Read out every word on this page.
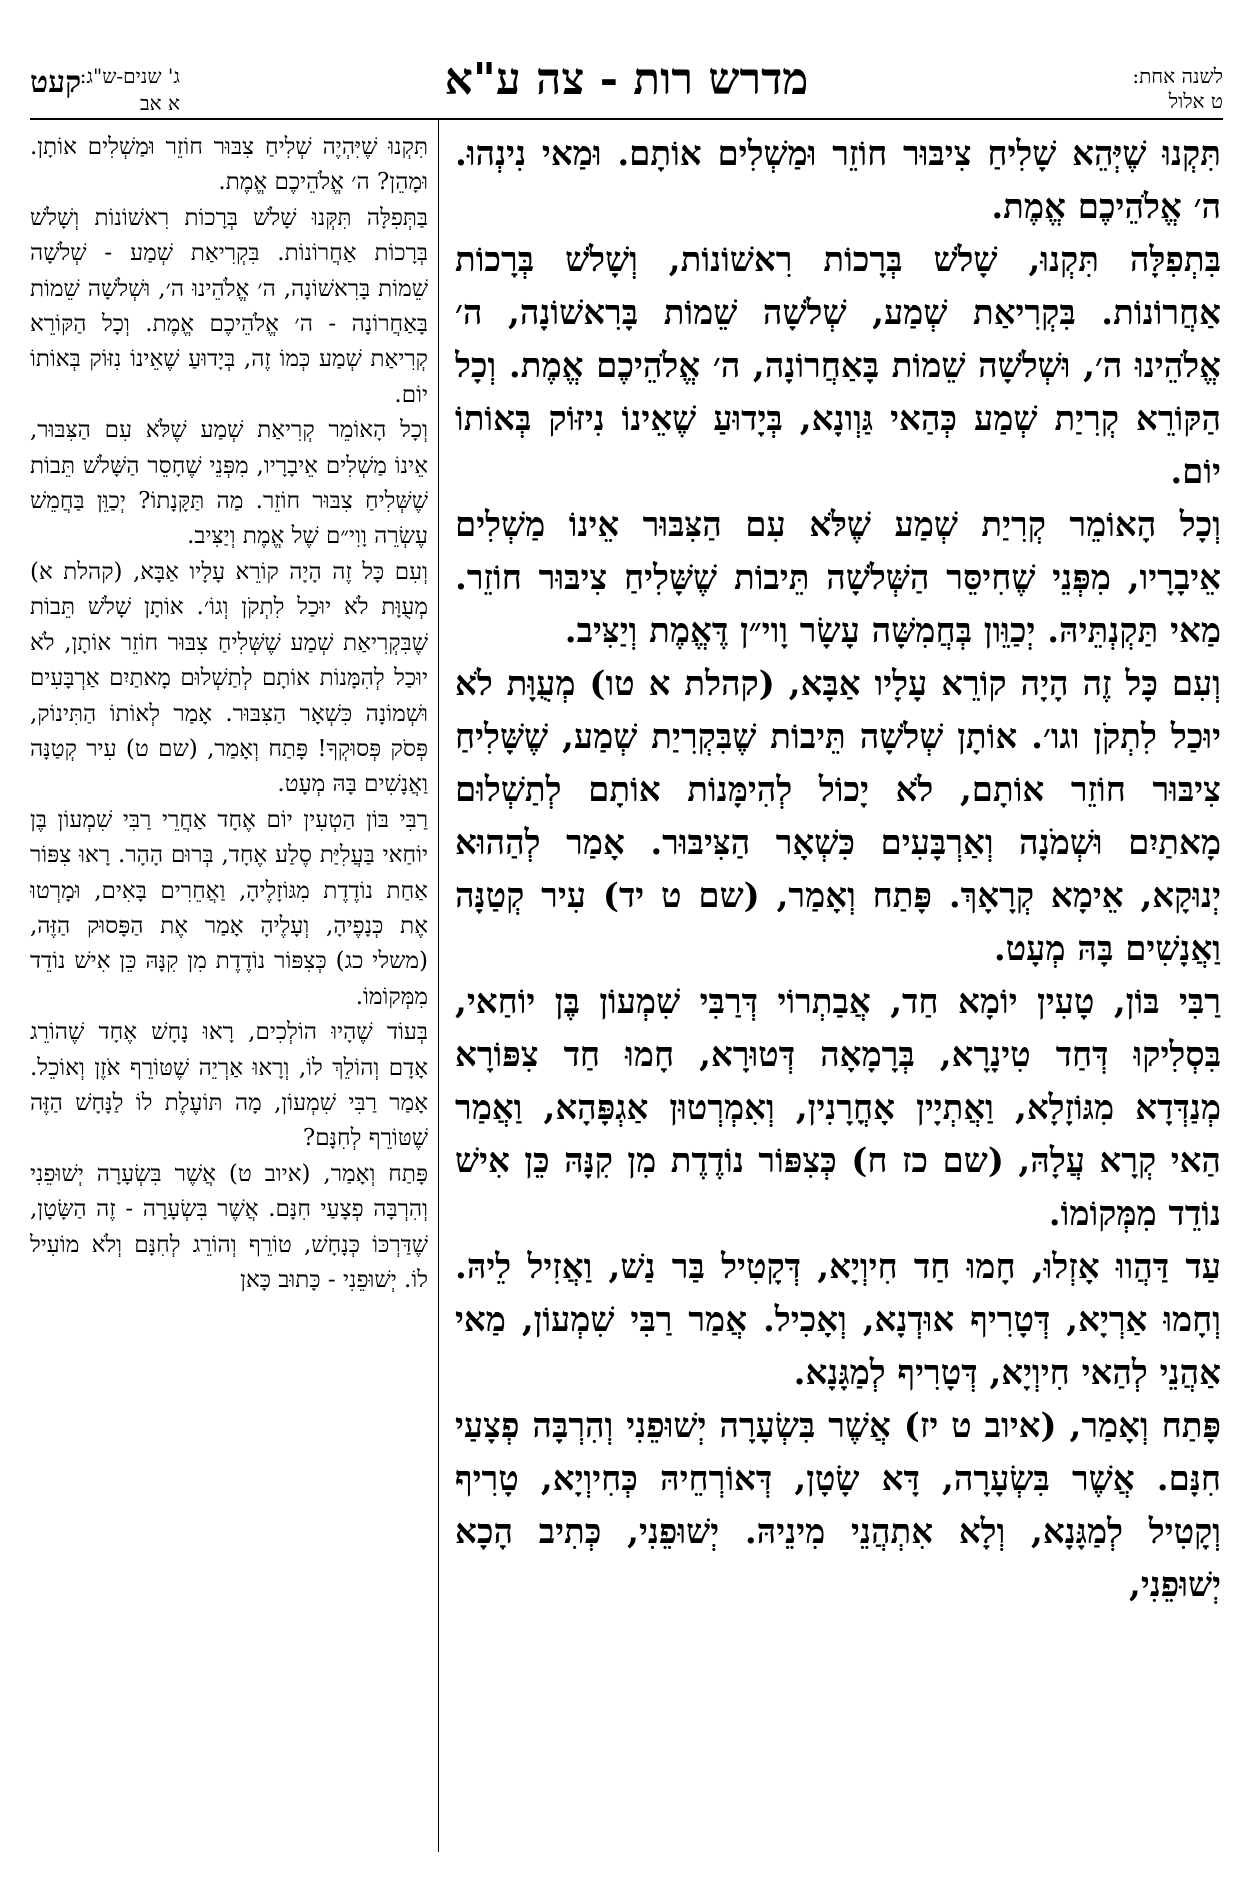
לשנה אחת:
ט אלול
מדרש רות - צה ע"א
ג' שנים-ש"ג:
א אב
קעט

תִּקְנוּ שֶׁיְּהֵא שָׁלִיחַ צִיבּוּר חוֹזֵר וּמַשְׁלִים אוֹתָם. וּמַאי נִינְהוּ. ה׳ אֱלֹהֵיכֶם אֱמֶת.

בִּתְפִלָּה תִּקְנוּ, שָׁלֹשׁ בְּרָכוֹת רִאשׁוֹנוֹת, וְשָׁלֹשׁ בְּרָכוֹת אַחֲרוֹנוֹת. בִּקְרִיאַת שְׁמַע, שְׁלֹשָׁה שֵׁמוֹת בָּרִאשׁוֹנָה, ה׳ אֱלֹהֵינוּ ה׳, וּשְׁלֹשָׁה שֵׁמוֹת בָּאַחֲרוֹנָה, ה׳ אֱלֹהֵיכֶם אֱמֶת. וְכָל הַקּוֹרֵא קְרִיַת שְׁמַע כְּהַאי גַּוְונָא, בְּיָדוּעַ שֶׁאֵינוֹ נִיזּוֹק בְּאוֹתוֹ יוֹם.

וְכָל הָאוֹמֵר קְרִיַת שְׁמַע שֶׁלֹּא עִם הַצִּבּוּר אֵינוֹ מַשְׁלִים אֵיבָרָיו, מִפְּנֵי שֶׁחִיסֵּר הַשְּׁלֹשָׁה תֵּיבוֹת שֶׁשָּׁלִיחַ צִיבּוּר חוֹזֵר. מַאי תַּקְנְתֵּיהּ. יְכַוֵּון בְּחֲמִשָּׁה עָשָׂר וָוי״ן דֶּאֱמֶת וְיַצִּיב.

וְעִם כָּל זֶה הָיָה קוֹרֵא עָלָיו אַבָּא, (קהלת א טו) מְעֻוָּת לֹא יוּכַל לִתְקֹן וגו׳. אוֹתָן שְׁלֹשָׁה תֵּיבוֹת שֶׁבִּקְרִיַת שְׁמַע, שֶׁשָּׁלִיחַ צִיבּוּר חוֹזֵר אוֹתָם, לֹא יָכוֹל לְהִימָּנוֹת אוֹתָם לְתַשְׁלוּם מָאתַיִם וּשְׁמֹנָה וְאַרְבָּעִים כִּשְׁאָר הַצִּיבּוּר. אָמַר לְהַהוּא יְנוּקָא, אֵימָא קְרָאָךְ. פָּתַח וְאָמַר, (שם ט יד) עִיר קְטַנָּה וַאֲנָשִׁים בָּהּ מְעָט.

רַבִּי בּוֹן, טָעִין יוֹמָא חַד, אֲבַתְרוֹי דְּרַבִּי שִׁמְעוֹן בֶּן יוֹחַאי, בִּסְלִיקוּ דְּחַד טִינָרָא, בְּרָמָאָה דְּטוּרָא, חָמוּ חַד צִפּוֹרָא מְנַדְּדָא מִגּוֹזָלָא, וַאֲתְיָין אָחֳרָנִין, וְאִמְרְטוּן אַגְפָּהָא, וַאֲמַר הַאי קְרָא עֲלָהּ, (שם כז ח) כְּצִפּוֹר נוֹדֶדֶת מִן קִנָּהּ כֵּן אִישׁ נוֹדֵד מִמְּקוֹמוֹ.

עַד דַּהֲווּ אָזְלוּ, חָמוּ חַד חִיוְיָא, דְּקָטִיל בַּר נַשׁ, וַאֲזִיל לֵיהּ. וְחָמוּ אַרְיָא, דְּטָרִיף אוּדְנָא, וְאָכִיל. אֲמַר רַבִּי שִׁמְעוֹן, מַאי אַהֲנֵי לְהַאי חִיוְיָא, דְּטָרִיף לְמַגָּנָא.

פָּתַח וְאָמַר, (איוב ט יז) אֲשֶׁר בִּשְׂעָרָה יְשׁוּפֵנִי וְהִרְבָּה פְצָעַי חִנָּם. אֲשֶׁר בִּשְׂעָרָה, דָּא שָׂטָן, דְּאוֹרְחֵיהּ כְּחִיוְיָא, טָרִיף וְקָטִיל לְמַגָּנָא, וְלָא אִתְהֲנֵי מִינֵיהּ. יְשׁוּפֵנִי, כְּתִיב הָכָא יְשׁוּפֵנִי,

תִּקְנוּ שֶׁיִּהְיֶה שְׁלִיחַ צִבּוּר חוֹזֵר וּמַשְׁלִים אוֹתָן. וּמָהֵן? ה׳ אֱלֹהֵיכֶם אֱמֶת.

בַּתְּפִלָּה תִּקְּנוּ שָׁלֹשׁ בְּרָכוֹת רִאשׁוֹנוֹת וְשָׁלֹשׁ בְּרָכוֹת אַחֲרוֹנוֹת. בִּקְרִיאַת שְׁמַע - שְׁלֹשָׁה שֵׁמוֹת בָּרִאשׁוֹנָה, ה׳ אֱלֹהֵינוּ ה׳, וּשְׁלֹשָׁה שֵׁמוֹת בָּאַחֲרוֹנָה - ה׳ אֱלֹהֵיכֶם אֱמֶת. וְכָל הַקּוֹרֵא קְרִיאַת שְׁמַע כְּמוֹ זֶה, בְּיָדוּעַ שֶׁאֵינוֹ נִזּוֹק בְּאוֹתוֹ יוֹם.

וְכָל הָאוֹמֵר קְרִיאַת שְׁמַע שֶׁלֹּא עִם הַצִּבּוּר, אֵינוֹ מַשְׁלִים אֵיבָרָיו, מִפְּנֵי שֶׁחָסֵר הַשָּׁלֹשׁ תֵּבוֹת שֶׁשְּׁלִיחַ צִבּוּר חוֹזֵר. מַה תַּקָּנָתוֹ? יְכַוֵּן בַּחֲמֵשׁ עֶשְׂרֵה וָוִי״ם שֶׁל אֱמֶת וְיַצִּיב.

וְעִם כָּל זֶה הָיָה קוֹרֵא עָלָיו אַבָּא, (קהלת א) מְעֻוָּת לֹא יוּכַל לִתְקֹן וְגוֹ׳. אוֹתָן שָׁלֹשׁ תֵּבוֹת שֶׁבִּקְרִיאַת שְׁמַע שֶׁשְּׁלִיחַ צִבּוּר חוֹזֵר אוֹתָן, לֹא יוּכַל לְהִמָּנוֹת אוֹתָם לְתַשְׁלוּם מָאתַיִם אַרְבָּעִים וּשְׁמוֹנָה כִּשְׁאָר הַצִּבּוּר. אָמַר לְאוֹתוֹ הַתִּינוֹק, פְּסֹק פְּסוּקְךָ! פָּתַח וְאָמַר, (שם ט) עִיר קְטַנָּה וַאֲנָשִׁים בָּהּ מְעָט.

רַבִּי בּוֹן הַטְעִין יוֹם אֶחָד אַחֲרֵי רַבִּי שִׁמְעוֹן בֶּן יוֹחַאי בַּעֲלִיַּת סֶלַע אֶחָד, בְּרוּם הָהָר. רָאוּ צִפּוֹר אַחַת נוֹדֶדֶת מִגּוֹזָלֶיהָ, וַאֲחֵרִים בָּאִים, וּמָרְטוּ אֶת כְּנָפֶיהָ, וְעָלֶיהָ אָמַר אֶת הַפָּסוּק הַזֶּה, (משלי כג) כְּצִפּוֹר נוֹדֶדֶת מִן קִנָּהּ כֵּן אִישׁ נוֹדֵד מִמְּקוֹמוֹ.

בְּעוֹד שֶׁהָיוּ הוֹלְכִים, רָאוּ נָחָשׁ אֶחָד שֶׁהוֹרֵג אָדָם וְהוֹלֵךְ לוֹ, וְרָאוּ אַרְיֵה שֶׁטּוֹרֵף אֹזֶן וְאוֹכֵל. אָמַר רַבִּי שִׁמְעוֹן, מָה תּוֹעֶלֶת לוֹ לַנָּחָשׁ הַזֶּה שֶׁטּוֹרֵף לְחִנָּם?

פָּתַח וְאָמַר, (איוב ט) אֲשֶׁר בִּשְׂעָרָה יְשׁוּפֵנִי וְהִרְבָּה פְצָעַי חִנָּם. אֲשֶׁר בִּשְׂעָרָה - זֶה הַשָּׂטָן, שֶׁדַּרְכּוֹ כְּנָחָשׁ, טוֹרֵף וְהוֹרֵג לְחִנָּם וְלֹא מוֹעִיל לוֹ. יְשׁוּפֵנִי - כָּתוּב כָּאן
